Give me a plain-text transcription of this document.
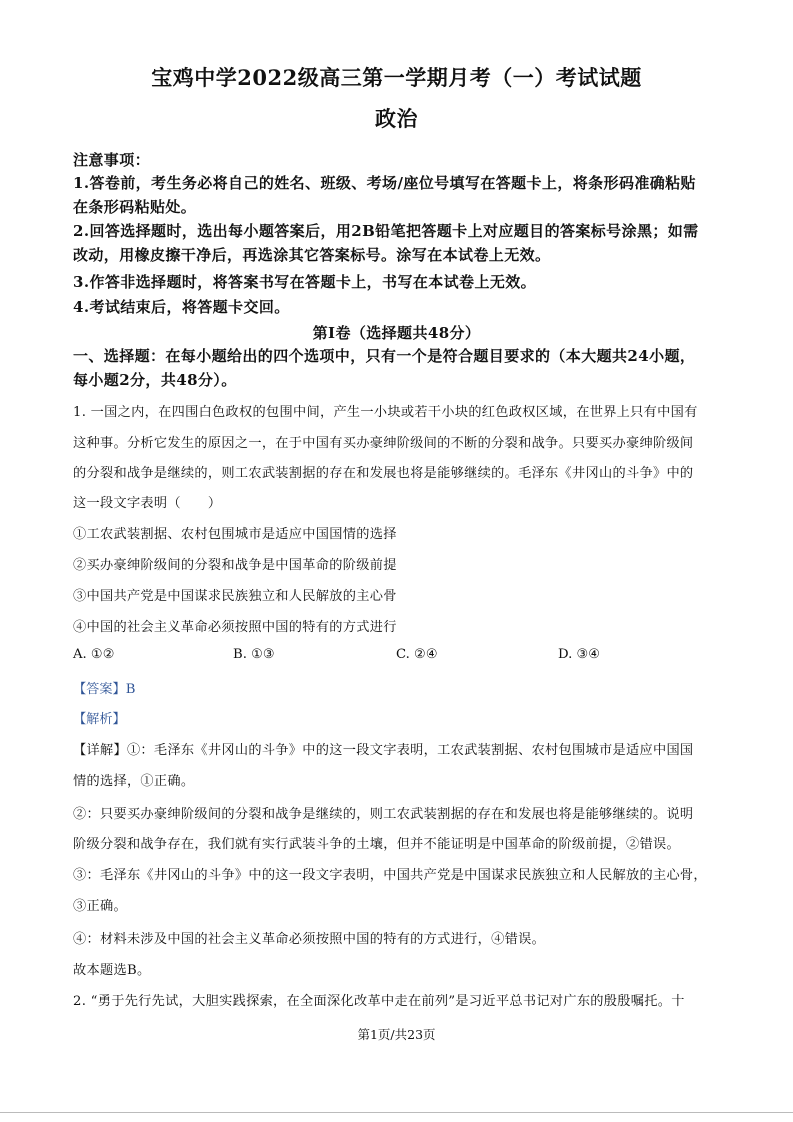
宝鸡中学2022级高三第一学期月考（一）考试试题
政治
注意事项：
1.答卷前，考生务必将自己的姓名、班级、考场/座位号填写在答题卡上，将条形码准确粘贴
在条形码粘贴处。
2.回答选择题时，选出每小题答案后，用2B铅笔把答题卡上对应题目的答案标号涂黑；如需
改动，用橡皮擦干净后，再选涂其它答案标号。涂写在本试卷上无效。
3.作答非选择题时，将答案书写在答题卡上，书写在本试卷上无效。
4.考试结束后，将答题卡交回。
第Ⅰ卷（选择题共48分）
一、选择题：在每小题给出的四个选项中，只有一个是符合题目要求的（本大题共24小题，
每小题2分，共48分）。
1. 一国之内，在四围白色政权的包围中间，产生一小块或若干小块的红色政权区域，在世界上只有中国有
这种事。分析它发生的原因之一，在于中国有买办豪绅阶级间的不断的分裂和战争。只要买办豪绅阶级间
的分裂和战争是继续的，则工农武装割据的存在和发展也将是能够继续的。毛泽东《井冈山的斗争》中的
这一段文字表明（　　）
①工农武装割据、农村包围城市是适应中国国情的选择
②买办豪绅阶级间的分裂和战争是中国革命的阶级前提
③中国共产党是中国谋求民族独立和人民解放的主心骨
④中国的社会主义革命必须按照中国的特有的方式进行
A. ①②	B. ①③	C. ②④	D. ③④
【答案】B
【解析】
【详解】①：毛泽东《井冈山的斗争》中的这一段文字表明，工农武装割据、农村包围城市是适应中国国
情的选择，①正确。
②：只要买办豪绅阶级间的分裂和战争是继续的，则工农武装割据的存在和发展也将是能够继续的。说明
阶级分裂和战争存在，我们就有实行武装斗争的土壤，但并不能证明是中国革命的阶级前提，②错误。
③：毛泽东《井冈山的斗争》中的这一段文字表明，中国共产党是中国谋求民族独立和人民解放的主心骨，
③正确。
④：材料未涉及中国的社会主义革命必须按照中国的特有的方式进行，④错误。
故本题选B。
2. “勇于先行先试，大胆实践探索，在全面深化改革中走在前列”是习近平总书记对广东的殷殷嘱托。十
第1页/共23页
